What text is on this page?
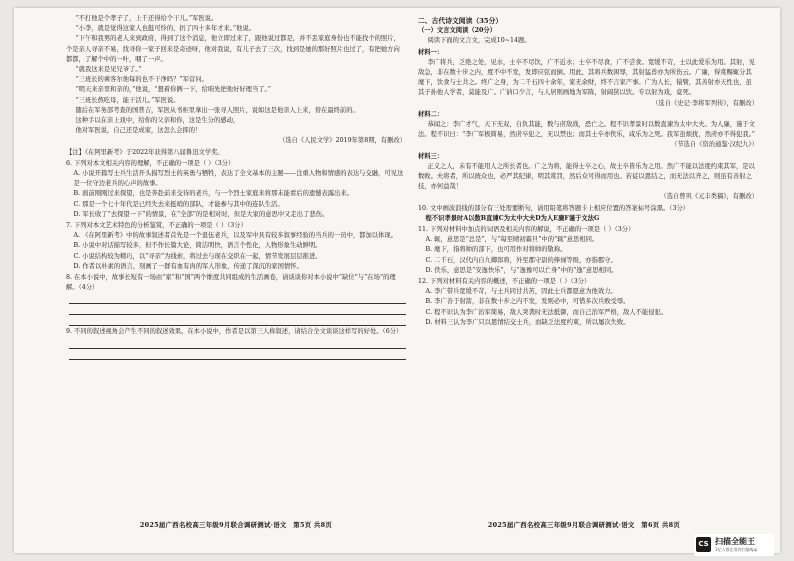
“不打他是个孝子了，上千还得给个干儿。”军医说。

“小李，就是觉得这家人也挺可怜的，扔了四十多年才来。”他说。

“下午和我男的老人来到政府，得到了这个消息，他立即过来了，跟他说过都是，并不丢家庭身份也不能找个的照片，个是亲人寻亲不易，找寻你一家子回来是奇迹呀，他对我说，有儿子去了三次，找到是她的那好照片也过了，有把她方向都都，了解个中的一叶，咽了一声。

“就我这来是见兄爷了。”

“三班长的乘客尔他每的也不干净吗？”军营问。

“明天来亲里和亲的，”他说，“想着你俩一下，给咱先把他好好理当了。”

“三班长熬吃母，能干活儿。”军医说。

随后在军务部考查的国普吉，军医从书柜里拿出一张寻人照片，说如这是他亲人上来，替在最终前的。

这种手以在亲上戏中，给你的父亲和你，这是生分的感动，

他对军医说，自己还是成家，这怎么会挥的！

（选自《人民文学》2019年第8期，有删改）

【注】《在阿里新考》于2022年获得第八届鲁迅文学奖。

6. 下列对本文相关内容的理解，不正确的一项是（ ）（3分）

A. 小说开篇写士兵生活开头描写烈士的英勇与牺牲，表达了全文基本的主题——注重人物和情感的表达与交融，可见这是一位守边老兵的心声的故事。

B. 面前刚刚过来探望，也是奔赴前来交待的老兵，与一个烈士家庭来将那未能看后的遗憾表露出来。

C. 那是一个七十年代是已经失去来挺哨的部队，才能参与其中的连队生活。

D. 军长收了“去探望一下”的情景，在“全部”的是相对时，但是大家的意思中又走出了悲伤。

7. 下列对本文艺术特色的分析鉴赏，不正确的一项是（ ）（3分）

A. 《在阿里新考》中的故事叙述者首先是一个退伍老兵，以及军中具有较多叙事经验的当兵的一员中，都加以体现。

B. 小说中对话描写较多，但不作长篇大论，简洁明快，语言个性化，人物形象生动鲜明。

C. 小说结构较为精巧，以“寻亲”为线索，将过去与现在交织在一起，情节发展层层推进。

D. 作者以朴素的语言，刻画了一群有血有肉的军人形象，传递了深沉的家国情怀。

8. 在本小说中，故事长短有一场由“家”和“国”两个维度共同组成的生活画卷，请谈谈你对本小说中“缺位”与“在场”的理解。（4分）

9. 不同的叙述视角会产生不同的叙述效果。在本小说中，作者是以第三人称叙述，请结合全文谈谈这样写的好处。（6分）

二、古代诗文阅读（35分）

（一）文言文阅读（20分）

阅读下面的文言文，完成10~14题。

材料一：

李广将兵，乏绝之处，见水，士卒不尽饮，广不近水；士卒不尽食，广不尝食。宽缓不苛，士以此爱乐为用。其射，见敌急，非在数十步之内，度不中不发，发即应弦而倒。用此，其将兵数困辱，其射猛兽亦为所伤云。广廉，得赏赐辄分其麾下，饮食与士共之。终广之身，为二千石四十余年，家无余财，终不言家产事。广为人长，猿臂，其善射亦天性也，虽其子孙他人学者，莫能及广。广讷口少言，与人居则画地为军陈，射阔狭以饮。专以射为戏，竟死。

（选自《史记·李将军列传》，有删改）

材料二：

恭闻之：李广才气，天下无双，自负其能，数与虏敌战，恐亡之。程不识孝景时以数直谏为太中大夫。为人廉，谨于文法。程不识曰：“李广军极简易，然虏卒犯之，无以禁也；而其士卒亦佚乐，咸乐为之死。我军虽烦扰，然虏亦不得犯我。”

（节选自《资治通鉴·汉纪九》）

材料三：

正义之人，未有不能用人之所长者也。广之为将，能得士卒之心，故士卒皆乐为之用。然广不能以法度约束其军，是以数败。夫将者，所以统众也，必严其纪律，明其赏罚，然后众可得而用也。若徒以恩结之，而无法以齐之，则虽有善射之技，亦何益哉！

（选自曾巩《元丰类稿》，有删改）

10. 文中画波浪线的部分有三处需要断句，请用铅笔将答题卡上相应位置的答案标号涂黑。（3分）

程不识孝景时A以数B直谏C为太中大夫D为人E廉F谨于文法G

11. 下列对材料中加点的词语及相关内容的解说，不正确的一项是（ ）（3分）

A. 辄，意思是“总是”，与“每至晴初霜旦”中的“辄”意思相同。

B. 麾下，指将帅的部下，也可用作对将帅的敬称。

C. 二千石，汉代内自九卿郎将，外至郡守尉的俸禄等级，亦指郡守。

D. 佚乐，意思是“安逸快乐”，与“逸豫可以亡身”中的“逸”意思相同。

12. 下列对材料有关内容的概述，不正确的一项是（ ）（3分）

A. 李广带兵宽缓不苛，与士兵同甘共苦，因此士兵都愿意为他效力。

B. 李广善于射箭，非在数十步之内不发，发则必中，可惜多次兵败受辱。

C. 程不识认为李广治军简易，敌人突袭时无法抵御，而自己治军严格，敌人不能侵犯。

D. 材料三认为李广只以恩情结交士兵，而缺乏法度约束，所以屡次失败。

2025届广西名校高三年级9月联合调研测试·语文　第5页 共8页	2025届广西名校高三年级9月联合调研测试·语文　第6页 共8页
CS 扫描全能王
3亿人都在用的扫描App
